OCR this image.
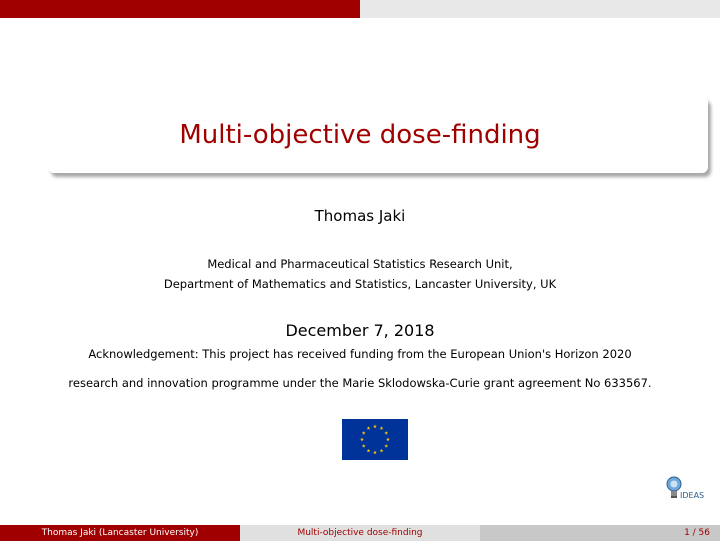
Multi-objective dose-finding
Thomas Jaki
Medical and Pharmaceutical Statistics Research Unit,
Department of Mathematics and Statistics, Lancaster University, UK
December 7, 2018
Acknowledgement: This project has received funding from the European Union's Horizon 2020
research and innovation programme under the Marie Sklodowska-Curie grant agreement No 633567.
IDEAS
Thomas Jaki (Lancaster University)	Multi-objective dose-finding	1 / 56
